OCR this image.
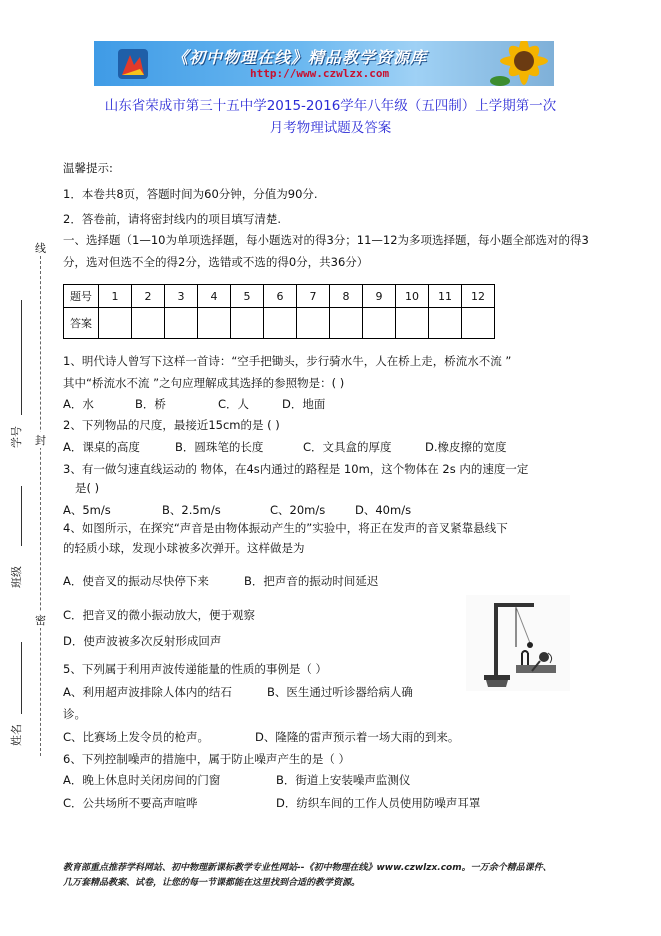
《初中物理在线》精品教学资源库
http://www.czwlzx.com
山东省荣成市第三十五中学2015-2016学年八年级（五四制）上学期第一次
月考物理试题及答案
温馨提示:
1．本卷共8页，答题时间为60分钟，分值为90分.
2．答卷前，请将密封线内的项目填写清楚.
一、选择题（1—10为单项选择题，每小题选对的得3分；11—12为多项选择题，每小题全部选对的得3分，选对但选不全的得2分，选错或不选的得0分，共36分）
题号	1	2	3	4	5	6	7	8	9	10	11	12
答案												
1、明代诗人曾写下这样一首诗：“空手把锄头，步行骑水牛，人在桥上走，桥流水不流 ”
其中“桥流水不流 ”之句应理解成其选择的参照物是：( )
A．水	B．桥	C．人	D．地面
2、下列物品的尺度，最接近15cm的是 ( )
A．课桌的高度	B．圆珠笔的长度	C．文具盒的厚度	D.橡皮擦的宽度
3、有一做匀速直线运动的 物体，在4s内通过的路程是 10m，这个物体在 2s 内的速度一定
是( )
A、5m/s	B、2.5m/s	C、20m/s	D、40m/s
4、如图所示，在探究“声音是由物体振动产生的”实验中，将正在发声的音叉紧靠悬线下
的轻质小球，发现小球被多次弹开。这样做是为
A．使音叉的振动尽快停下来	B．把声音的振动时间延迟
C．把音叉的微小振动放大，便于观察
D．使声波被多次反射形成回声
5、下列属于利用声波传递能量的性质的事例是（ ）
A、利用超声波排除人体内的结石	B、医生通过听诊器给病人确
诊。
C、比赛场上发令员的枪声。	D、隆隆的雷声预示着一场大雨的到来。
6、下列控制噪声的措施中，属于防止噪声产生的是（ ）
A．晚上休息时关闭房间的门窗	B．街道上安装噪声监测仪
C．公共场所不要高声喧哗	D．纺织车间的工作人员使用防噪声耳罩
线
封
密
学号
班级
姓名
教育部重点推荐学科网站、初中物理新课标教学专业性网站--《初中物理在线》www.czwlzx.com。一万余个精品课件、
几万套精品教案、试卷，让您的每一节课都能在这里找到合适的教学资源。
